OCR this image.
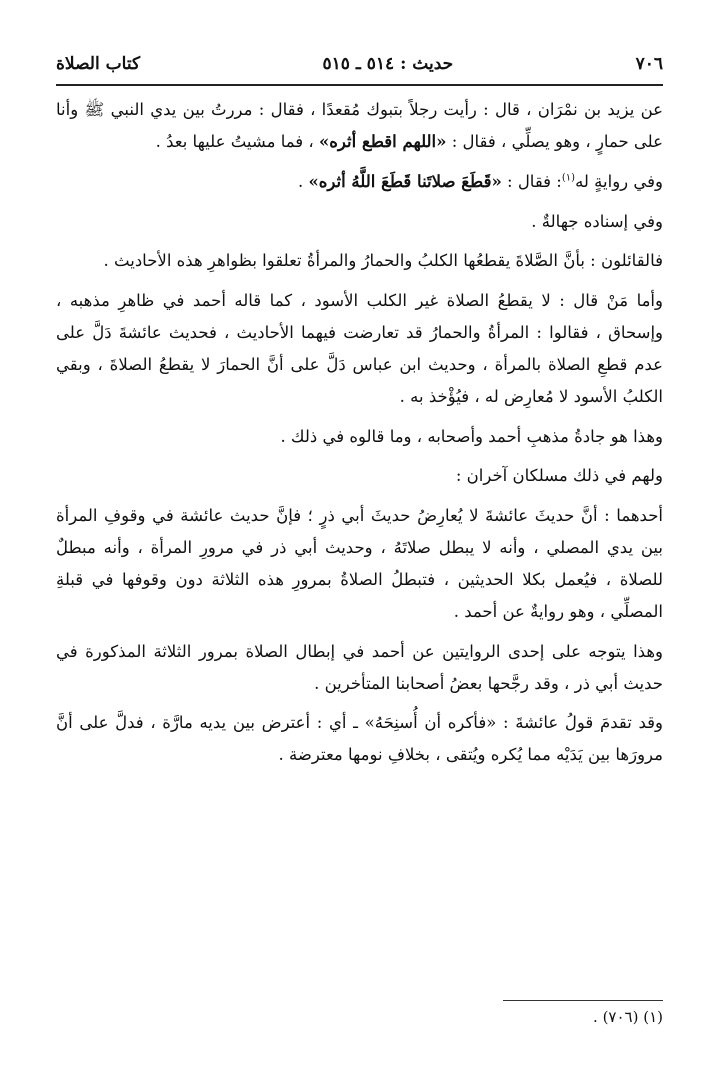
٧٠٦
حديث : ٥١٤ ـ ٥١٥
كتاب الصلاة

عن يزيد بن نمْرَان ، قال : رأيت رجلاً بتبوك مُقعدًا ، فقال : مررتُ بين يدي النبي ﷺ وأنا على حمارٍ ، وهو يصلِّي ، فقال : «اللهم اقطع أثره» ، فما مشيتُ عليها بعدُ .

وفي روايةٍ له$^{(١)}$: فقال : «قَطَعَ صلاتَنا قَطَعَ اللَّهُ أثره» .

وفي إسناده جهالةٌ .

فالقائلون : بأنَّ الصَّلاةَ يقطعُها الكلبُ والحمارُ والمرأةُ تعلقوا بظواهرِ هذه الأحاديث .

وأما مَنْ قال : لا يقطعُ الصلاة غير الكلب الأسود ، كما قاله أحمد في ظاهرِ مذهبه ، وإسحاق ، فقالوا : المرأةُ والحمارُ قد تعارضت فيهما الأحاديث ، فحديث عائشةَ دَلَّ على عدم قطعِ الصلاة بالمرأة ، وحديث ابن عباس دَلَّ على أنَّ الحمارَ لا يقطعُ الصلاةَ ، وبقي الكلبُ الأسود لا مُعارِض له ، فيُؤْخذ به .

وهذا هو جادةُ مذهبِ أحمد وأصحابه ، وما قالوه في ذلك .

ولهم في ذلك مسلكان آخران :

أحدهما : أنَّ حديثَ عائشةَ لا يُعارِضُ حديثَ أبي ذرٍ ؛ فإنَّ حديث عائشة في وقوفِ المرأة بين يدي المصلي ، وأنه لا يبطل صلاتَهُ ، وحديث أبي ذر في مرورِ المرأة ، وأنه مبطلٌ للصلاة ، فيُعمل بكلا الحديثين ، فتبطلُ الصلاةُ بمرورِ هذه الثلاثة دون وقوفها في قبلةِ المصلِّي ، وهو روايةٌ عن أحمد .

وهذا يتوجه على إحدى الروايتين عن أحمد في إبطال الصلاة بمرور الثلاثة المذكورة في حديث أبي ذر ، وقد رجَّحها بعضُ أصحابنا المتأخرين .

وقد تقدمَ قولُ عائشةَ : «فأكره أن أُسنِحَهُ» ـ أي : أعترض بين يديه مارَّة ، فدلَّ على أنَّ مرورَها بين يَدَيْه مما يُكره ويُتقى ، بخلافِ نومها معترضة .

(١) (٧٠٦) .
